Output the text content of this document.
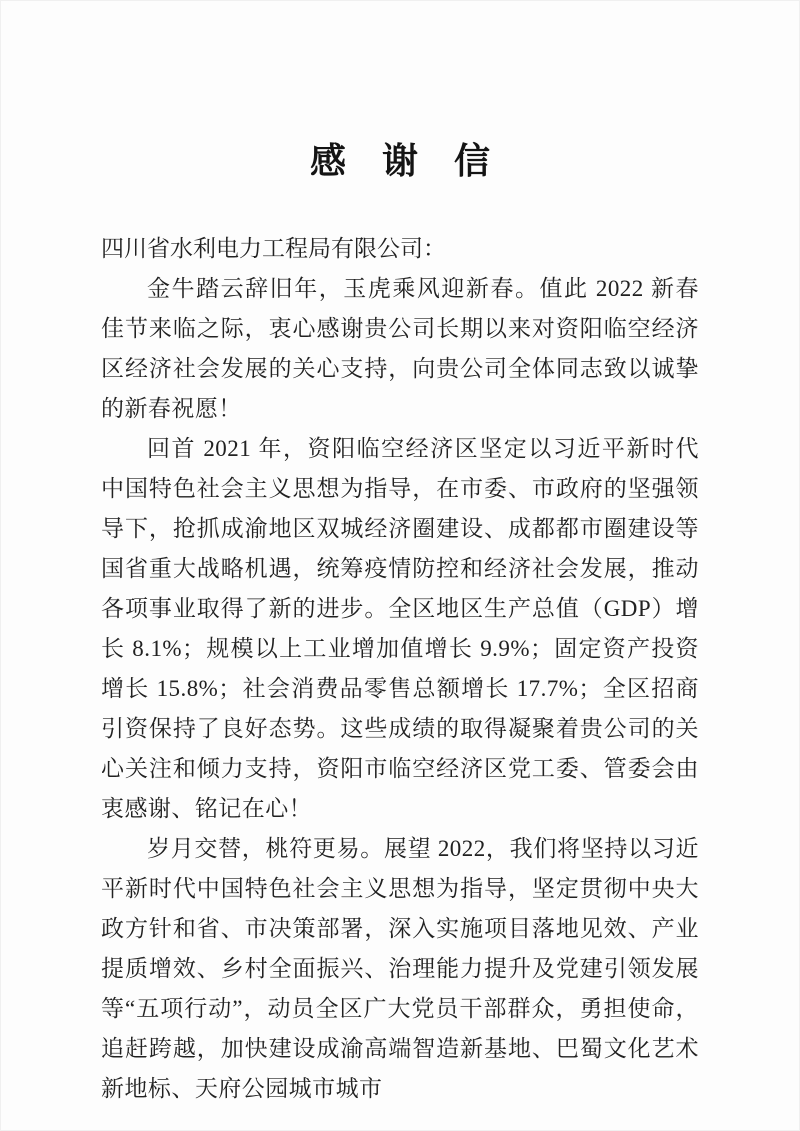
感　谢　信

四川省水利电力工程局有限公司：

金牛踏云辞旧年，玉虎乘风迎新春。值此 2022 新春佳节来临之际，衷心感谢贵公司长期以来对资阳临空经济区经济社会发展的关心支持，向贵公司全体同志致以诚挚的新春祝愿！

回首 2021 年，资阳临空经济区坚定以习近平新时代中国特色社会主义思想为指导，在市委、市政府的坚强领导下，抢抓成渝地区双城经济圈建设、成都都市圈建设等国省重大战略机遇，统筹疫情防控和经济社会发展，推动各项事业取得了新的进步。全区地区生产总值（GDP）增长 8.1%；规模以上工业增加值增长 9.9%；固定资产投资增长 15.8%；社会消费品零售总额增长 17.7%；全区招商引资保持了良好态势。这些成绩的取得凝聚着贵公司的关心关注和倾力支持，资阳市临空经济区党工委、管委会由衷感谢、铭记在心！

岁月交替，桃符更易。展望 2022，我们将坚持以习近平新时代中国特色社会主义思想为指导，坚定贯彻中央大政方针和省、市决策部署，深入实施项目落地见效、产业提质增效、乡村全面振兴、治理能力提升及党建引领发展等“五项行动”，动员全区广大党员干部群众，勇担使命，追赶跨越，加快建设成渝高端智造新基地、巴蜀文化艺术新地标、天府公园城市城市
